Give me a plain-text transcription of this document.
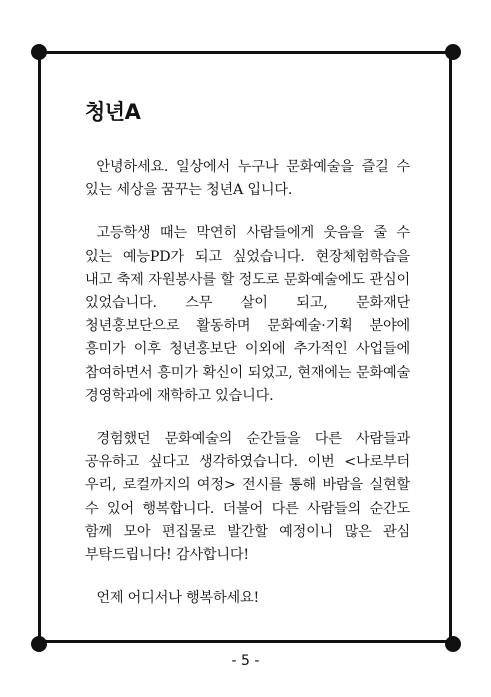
청년A

안녕하세요. 일상에서 누구나 문화예술을 즐길 수 있는 세상을 꿈꾸는 청년A 입니다.

고등학생 때는 막연히 사람들에게 웃음을 줄 수 있는 예능PD가 되고 싶었습니다. 현장체험학습을 내고 축제 자원봉사를 할 정도로 문화예술에도 관심이 있었습니다. 스무 살이 되고, 문화재단 청년홍보단으로 활동하며 문화예술·기획 분야에 흥미가 이후 청년홍보단 이외에 추가적인 사업들에 참여하면서 흥미가 확신이 되었고, 현재에는 문화예술 경영학과에 재학하고 있습니다.

경험했던 문화예술의 순간들을 다른 사람들과 공유하고 싶다고 생각하였습니다. 이번 <나로부터 우리, 로컬까지의 여정> 전시를 통해 바람을 실현할 수 있어 행복합니다. 더불어 다른 사람들의 순간도 함께 모아 편집물로 발간할 예정이니 많은 관심 부탁드립니다! 감사합니다!

언제 어디서나 행복하세요!

- 5 -
